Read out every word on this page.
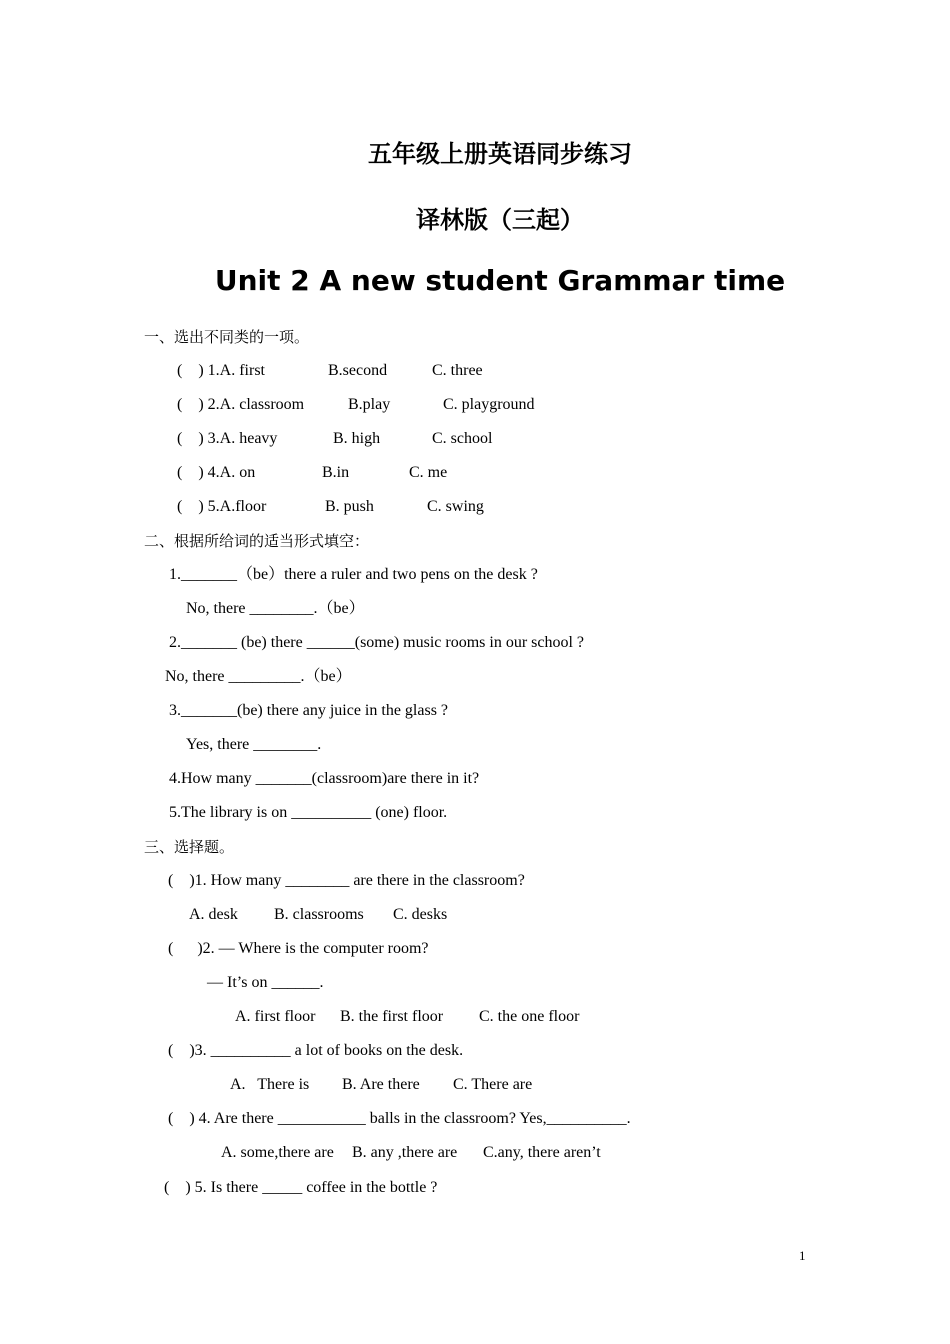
五年级上册英语同步练习
译林版（三起）
Unit 2 A new student Grammar time
一、选出不同类的一项。
(    ) 1.A. first	B.second	C. three
(    ) 2.A. classroom	B.play	C. playground
(    ) 3.A. heavy	B. high	C. school
(    ) 4.A. on	B.in	C. me
(    ) 5.A.floor	B. push	C. swing
二、根据所给词的适当形式填空：
1._______（be）there a ruler and two pens on the desk ?
No, there ________.（be）
2._______ (be) there ______(some) music rooms in our school ?
No, there _________.（be）
3._______(be) there any juice in the glass ?
Yes, there ________.
4.How many _______(classroom)are there in it?
5.The library is on __________ (one) floor.
三、选择题。
(    )1. How many ________ are there in the classroom?
A. desk B. classrooms C. desks
(      )2. — Where is the computer room?
— It’s on ______.
A. first floor B. the first floor C. the one floor
(    )3. __________ a lot of books on the desk.
A.   There is B. Are there C. There are
(    ) 4. Are there ___________ balls in the classroom? Yes,__________.
A. some,there are B. any ,there are C.any, there aren’t
(    ) 5. Is there _____ coffee in the bottle ?
1
